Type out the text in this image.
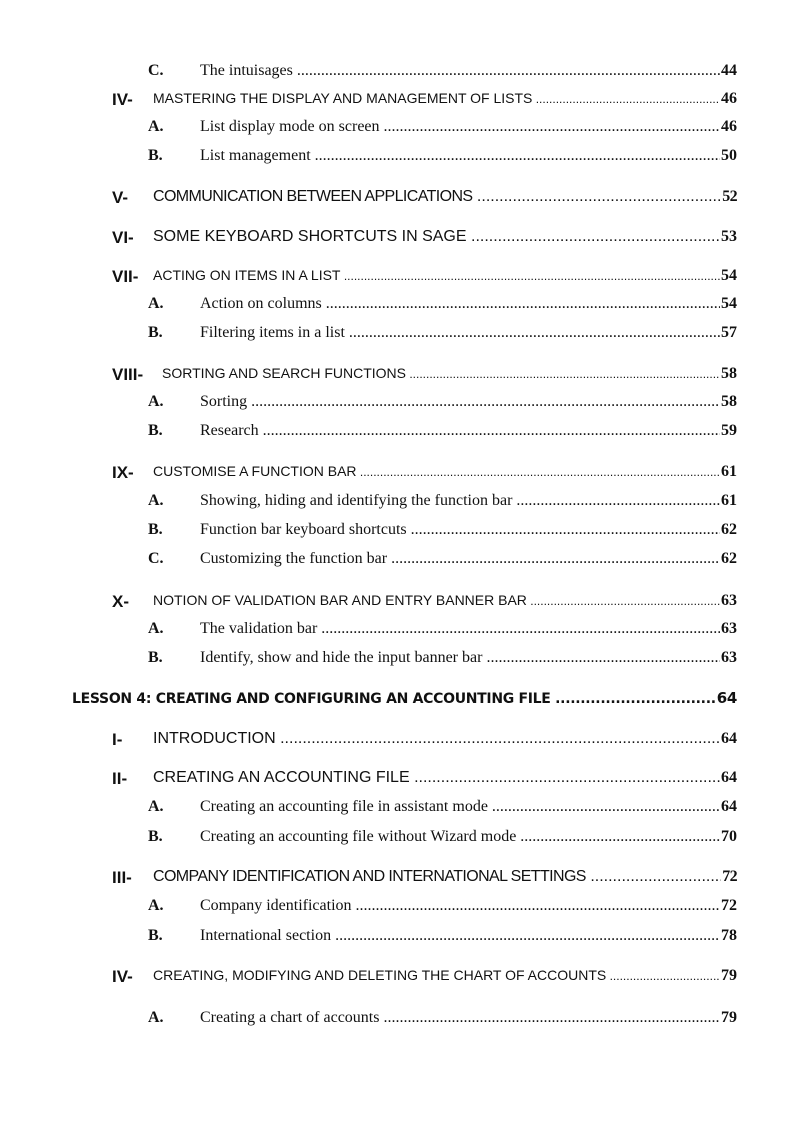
C. The intuisages .....	44
IV- MASTERING THE DISPLAY AND MANAGEMENT OF LISTS .....	46
A. List display mode on screen .....	46
B. List management .....	50
V- COMMUNICATION BETWEEN APPLICATIONS .....	52
VI- SOME KEYBOARD SHORTCUTS IN SAGE .....	53
VII- ACTING ON ITEMS IN A LIST .....	54
A. Action on columns .....	54
B. Filtering items in a list .....	57
VIII- SORTING AND SEARCH FUNCTIONS .....	58
A. Sorting .....	58
B. Research .....	59
IX- CUSTOMISE A FUNCTION BAR .....	61
A. Showing, hiding and identifying the function bar .....	61
B. Function bar keyboard shortcuts .....	62
C. Customizing the function bar .....	62
X- NOTION OF VALIDATION BAR AND ENTRY BANNER BAR .....	63
A. The validation bar .....	63
B. Identify, show and hide the input banner bar .....	63
LESSON 4: CREATING AND CONFIGURING AN ACCOUNTING FILE .....	64
I- INTRODUCTION .....	64
II- CREATING AN ACCOUNTING FILE .....	64
A. Creating an accounting file in assistant mode .....	64
B. Creating an accounting file without Wizard mode .....	70
III- COMPANY IDENTIFICATION AND INTERNATIONAL SETTINGS .....	72
A. Company identification .....	72
B. International section .....	78
IV- CREATING, MODIFYING AND DELETING THE CHART OF ACCOUNTS .....	79
A. Creating a chart of accounts .....	79
